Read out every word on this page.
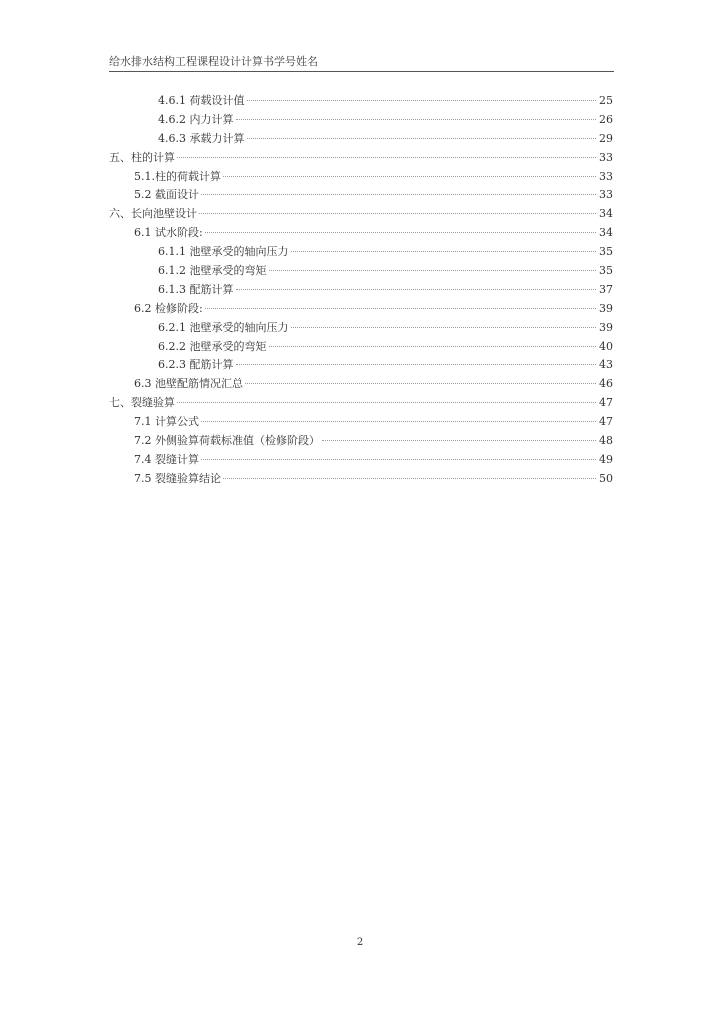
给水排水结构工程课程设计计算书学号姓名
4.6.1 荷载设计值	25
4.6.2 内力计算	26
4.6.3 承载力计算	29
五、柱的计算	33
5.1.柱的荷载计算	33
5.2 截面设计	33
六、长向池壁设计	34
6.1 试水阶段:	34
6.1.1 池壁承受的轴向压力	35
6.1.2 池壁承受的弯矩	35
6.1.3 配筋计算	37
6.2 检修阶段:	39
6.2.1 池壁承受的轴向压力	39
6.2.2 池壁承受的弯矩	40
6.2.3 配筋计算	43
6.3 池壁配筋情况汇总	46
七、裂缝验算	47
7.1 计算公式	47
7.2 外侧验算荷载标准值（检修阶段）	48
7.4 裂缝计算	49
7.5 裂缝验算结论	50
2
